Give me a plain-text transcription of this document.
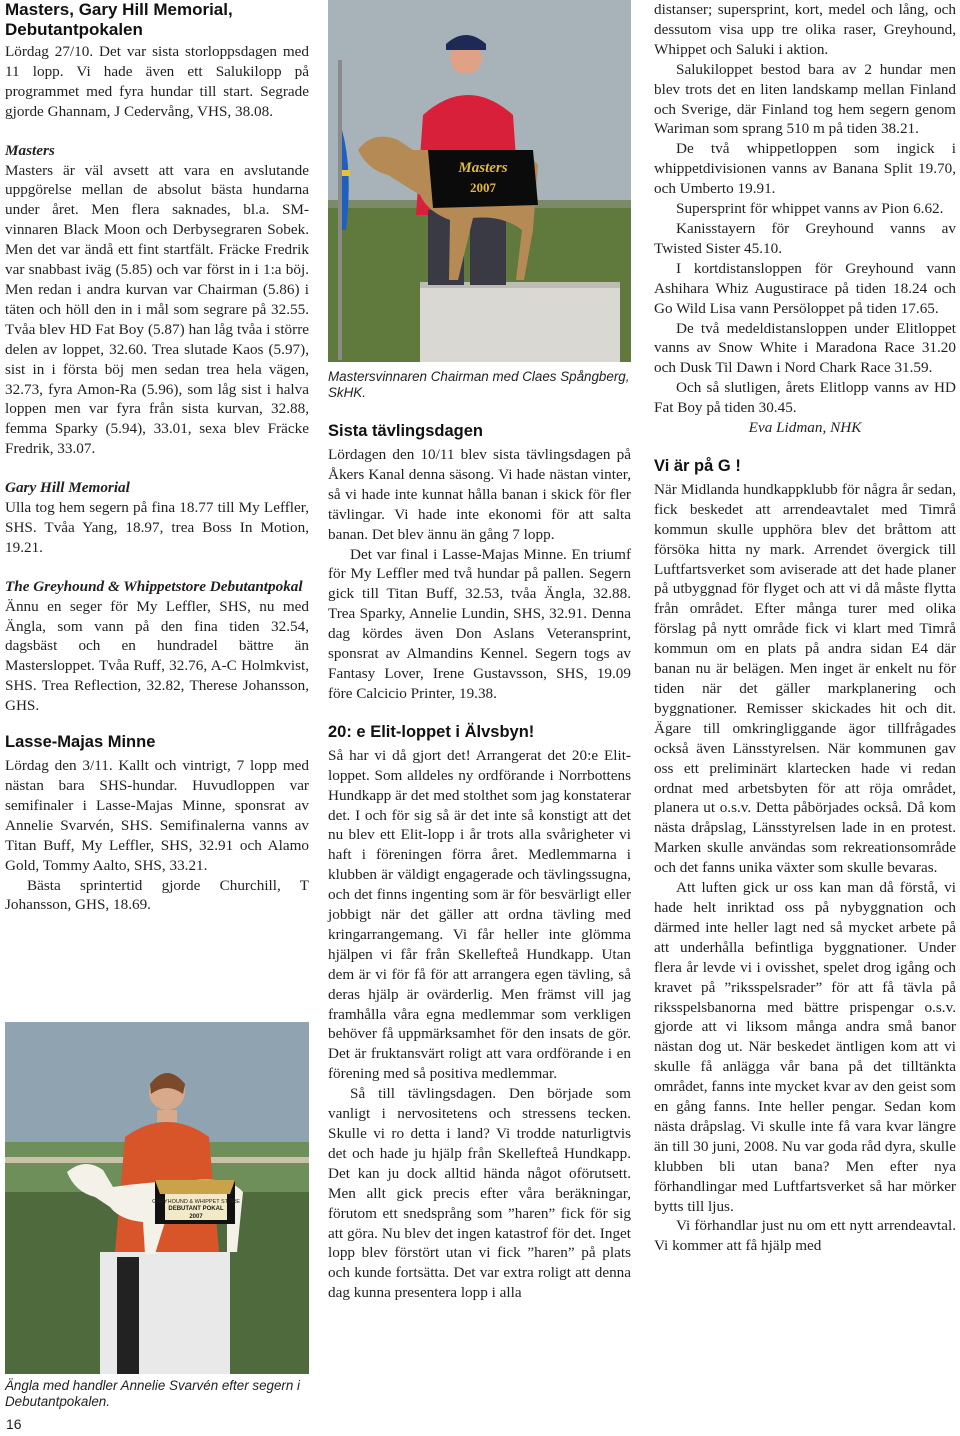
Masters, Gary Hill Memorial, Debutantpokalen

Lördag 27/10. Det var sista storloppsdagen med 11 lopp. Vi hade även ett Salukilopp på programmet med fyra hundar till start. Segrade gjorde Ghannam, J Cedervång, VHS, 38.08.

Masters

Masters är väl avsett att vara en avslutande uppgörelse mellan de absolut bästa hundarna under året. Men flera saknades, bl.a. SM-vinnaren Black Moon och Derbysegraren Sobek. Men det var ändå ett fint startfält. Fräcke Fredrik var snabbast iväg (5.85) och var först in i 1:a böj. Men redan i andra kurvan var Chairman (5.86) i täten och höll den in i mål som segrare på 32.55. Tvåa blev HD Fat Boy (5.87) han låg tvåa i större delen av loppet, 32.60. Trea slutade Kaos (5.97), sist in i första böj men sedan trea hela vägen, 32.73, fyra Amon-Ra (5.96), som låg sist i halva loppen men var fyra från sista kurvan, 32.88, femma Sparky (5.94), 33.01, sexa blev Fräcke Fredrik, 33.07.

Gary Hill Memorial

Ulla tog hem segern på fina 18.77 till My Leffler, SHS. Tvåa Yang, 18.97, trea Boss In Motion, 19.21.

The Greyhound & Whippetstore Debutantpokal

Ännu en seger för My Leffler, SHS, nu med Ängla, som vann på den fina tiden 32.54, dagsbäst och en hundradel bättre än Mastersloppet. Tvåa Ruff, 32.76, A-C Holmkvist, SHS. Trea Reflection, 32.82, Therese Johansson, GHS.

Lasse-Majas Minne

Lördag den 3/11. Kallt och vintrigt, 7 lopp med nästan bara SHS-hundar. Huvudloppen var semifinaler i Lasse-Majas Minne, sponsrat av Annelie Svarvén, SHS. Semifinalerna vanns av Titan Buff, My Leffler, SHS, 32.91 och Alamo Gold, Tommy Aalto, SHS, 33.21.

Bästa sprintertid gjorde Churchill, T Johansson, GHS, 18.69.

GREYHOUND & WHIPPET STORE
DEBUTANT POKAL
2007

Ängla med handler Annelie Svarvén efter segern i Debutantpokalen.

16
Masters
2007

Mastersvinnaren Chairman med Claes Spångberg, SkHK.

Sista tävlingsdagen

Lördagen den 10/11 blev sista tävlingsdagen på Åkers Kanal denna säsong. Vi hade nästan vinter, så vi hade inte kunnat hålla banan i skick för fler tävlingar. Vi hade inte ekonomi för att salta banan. Det blev ännu än gång 7 lopp.

Det var final i Lasse-Majas Minne. En triumf för My Leffler med två hundar på pallen. Segern gick till Titan Buff, 32.53, tvåa Ängla, 32.88. Trea Sparky, Annelie Lundin, SHS, 32.91. Denna dag kördes även Don Aslans Veteransprint, sponsrat av Almandins Kennel. Segern togs av Fantasy Lover, Irene Gustavsson, SHS, 19.09 före Calcicio Printer, 19.38.

20: e Elit-loppet i Älvsbyn!

Så har vi då gjort det! Arrangerat det 20:e Elit-loppet. Som alldeles ny ordförande i Norrbottens Hundkapp är det med stolthet som jag konstaterar det. I och för sig så är det inte så konstigt att det nu blev ett Elit-lopp i år trots alla svårigheter vi haft i föreningen förra året. Medlemmarna i klubben är väldigt engagerade och tävlingssugna, och det finns ingenting som är för besvärligt eller jobbigt när det gäller att ordna tävling med kringarrangemang. Vi får heller inte glömma hjälpen vi får från Skellefteå Hundkapp. Utan dem är vi för få för att arrangera egen tävling, så deras hjälp är ovärderlig. Men främst vill jag framhålla våra egna medlemmar som verkligen behöver få uppmärksamhet för den insats de gör. Det är fruktansvärt roligt att vara ordförande i en förening med så positiva medlemmar.

Så till tävlingsdagen. Den började som vanligt i nervositetens och stressens tecken. Skulle vi ro detta i land? Vi trodde naturligtvis det och hade ju hjälp från Skellefteå Hundkapp. Det kan ju dock alltid hända något oförutsett. Men allt gick precis efter våra beräkningar, förutom ett snedsprång som ”haren” fick för sig att göra. Nu blev det ingen katastrof för det. Inget lopp blev förstört utan vi fick ”haren” på plats och kunde fortsätta. Det var extra roligt att denna dag kunna presentera lopp i alla

distanser; supersprint, kort, medel och lång, och dessutom visa upp tre olika raser, Greyhound, Whippet och Saluki i aktion.

Salukiloppet bestod bara av 2 hundar men blev trots det en liten landskamp mellan Finland och Sverige, där Finland tog hem segern genom Wariman som sprang 510 m på tiden 38.21.

De två whippetloppen som ingick i whippetdivisionen vanns av Banana Split 19.70, och Umberto 19.91.

Supersprint för whippet vanns av Pion 6.62.

Kanisstayern för Greyhound vanns av Twisted Sister 45.10.

I kortdistansloppen för Greyhound vann Ashihara Whiz Augustirace på tiden 18.24 och Go Wild Lisa vann Persöloppet på tiden 17.65.

De två medeldistansloppen under Elitloppet vanns av Snow White i Maradona Race 31.20 och Dusk Til Dawn i Nord Chark Race 31.59.

Och så slutligen, årets Elitlopp vanns av HD Fat Boy på tiden 30.45.

Eva Lidman, NHK

Vi är på G !

När Midlanda hundkappklubb för några år sedan, fick beskedet att arrendeavtalet med Timrå kommun skulle upphöra blev det bråttom att försöka hitta ny mark. Arrendet övergick till Luftfartsverket som aviserade att det hade planer på utbyggnad för flyget och att vi då måste flytta från området. Efter många turer med olika förslag på nytt område fick vi klart med Timrå kommun om en plats på andra sidan E4 där banan nu är belägen. Men inget är enkelt nu för tiden när det gäller markplanering och byggnationer. Remisser skickades hit och dit. Ägare till omkringliggande ägor tillfrågades också även Länsstyrelsen. När kommunen gav oss ett preliminärt klartecken hade vi redan ordnat med arbetsbyten för att röja området, planera ut o.s.v. Detta påbörjades också. Då kom nästa dråpslag, Länsstyrelsen lade in en protest. Marken skulle användas som rekreationsområde och det fanns unika växter som skulle bevaras.

Att luften gick ur oss kan man då förstå, vi hade helt inriktad oss på nybyggnation och därmed inte heller lagt ned så mycket arbete på att underhålla befintliga byggnationer. Under flera år levde vi i ovisshet, spelet drog igång och kravet på ”riksspelsrader” för att få tävla på riksspelsbanorna med bättre prispengar o.s.v. gjorde att vi liksom många andra små banor nästan dog ut. När beskedet äntligen kom att vi skulle få anlägga vår bana på det tilltänkta området, fanns inte mycket kvar av den geist som en gång fanns. Inte heller pengar. Sedan kom nästa dråpslag. Vi skulle inte få vara kvar längre än till 30 juni, 2008. Nu var goda råd dyra, skulle klubben bli utan bana? Men efter nya förhandlingar med Luftfartsverket så har mörker bytts till ljus.

Vi förhandlar just nu om ett nytt arrendeavtal. Vi kommer att få hjälp med
